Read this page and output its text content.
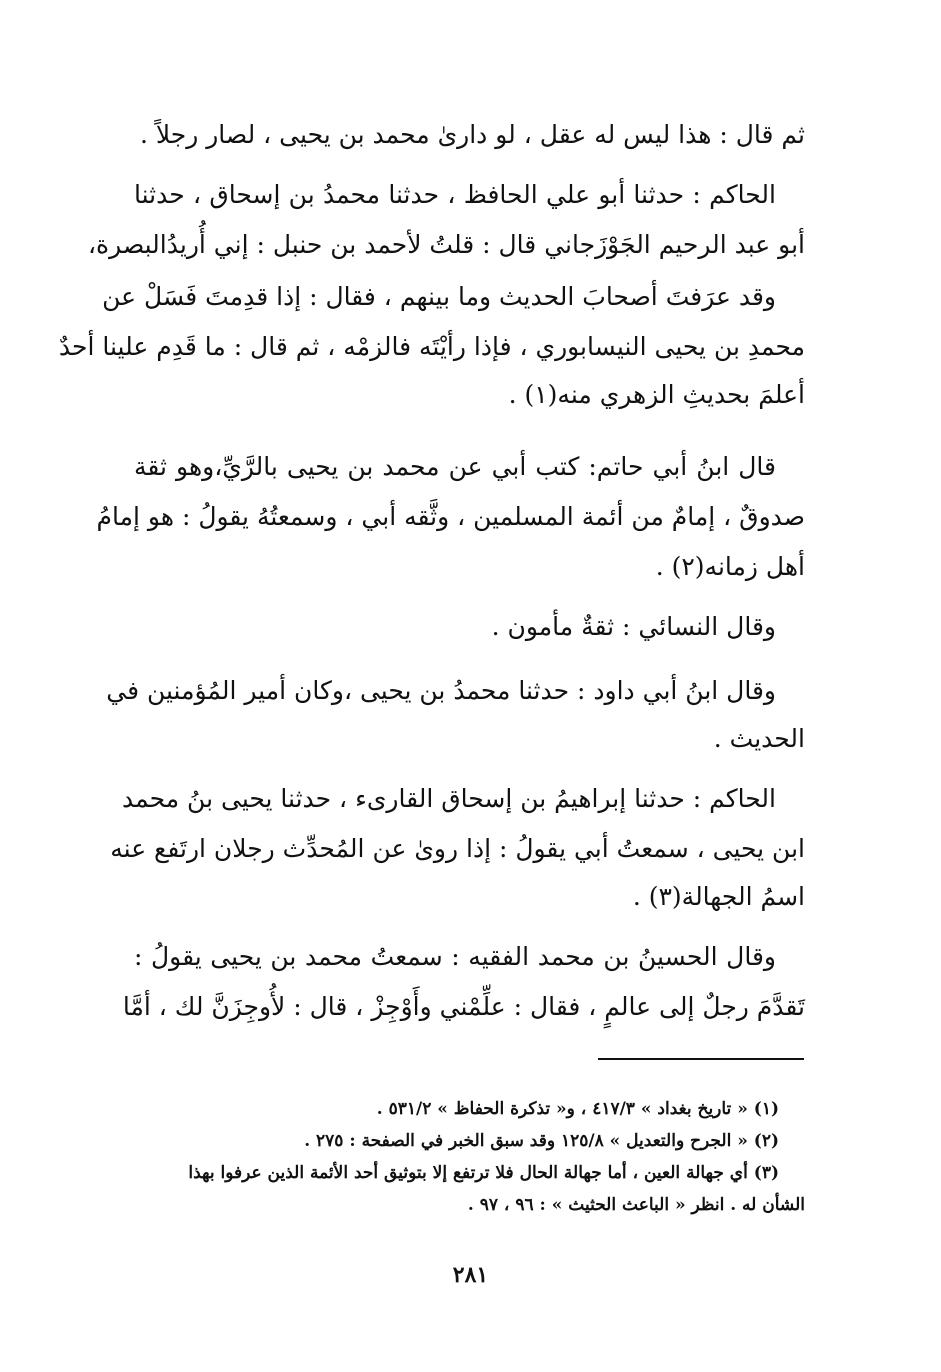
ثم قال : هذا ليس له عقل ، لو دارىٰ محمد بن يحيى ، لصار رجلاً .
الحاكم : حدثنا أبو علي الحافظ ، حدثنا محمدُ بن إسحاق ، حدثنا
أبو عبد الرحيم الجَوْزَجاني قال : قلتُ لأحمد بن حنبل : إني أُريدُالبصرة،
وقد عرَفتَ أصحابَ الحديث وما بينهم ، فقال : إذا قدِمتَ فَسَلْ عن
محمدِ بن يحيى النيسابوري ، فإذا رأيْتَه فالزمْه ، ثم قال : ما قَدِم علينا أحدٌ
أعلمَ بحديثِ الزهري منه(١) .
قال ابنُ أبي حاتم: كتب أبي عن محمد بن يحيى بالرَّيِّ،وهو ثقة
صدوقٌ ، إمامٌ من أئمة المسلمين ، وثَّقه أبي ، وسمعتُهُ يقولُ : هو إمامُ
أهل زمانه(٢) .
وقال النسائي : ثقةٌ مأمون .
وقال ابنُ أبي داود : حدثنا محمدُ بن يحيى ،وكان أمير المُؤمنين في
الحديث .
الحاكم : حدثنا إبراهيمُ بن إسحاق القارىء ، حدثنا يحيى بنُ محمد
ابن يحيى ، سمعتُ أبي يقولُ : إذا روىٰ عن المُحدِّث رجلان ارتَفع عنه
اسمُ الجهالة(٣) .
وقال الحسينُ بن محمد الفقيه : سمعتُ محمد بن يحيى يقولُ :
تَقدَّمَ رجلٌ إلى عالمٍ ، فقال : علِّمْني وأَوْجِزْ ، قال : لأُوجِزَنَّ لك ، أمَّا
(١) « تاريخ بغداد » ٤١٧/٣ ، و« تذكرة الحفاظ » ٥٣١/٢ .
(٢) « الجرح والتعديل » ١٢٥/٨ وقد سبق الخبر في الصفحة : ٢٧٥ .
(٣) أي جهالة العين ، أما جهالة الحال فلا ترتفع إلا بتوثيق أحد الأئمة الذين عرفوا بهذا
الشأن له . انظر « الباعث الحثيث » : ٩٦ ، ٩٧ .
٢٨١
